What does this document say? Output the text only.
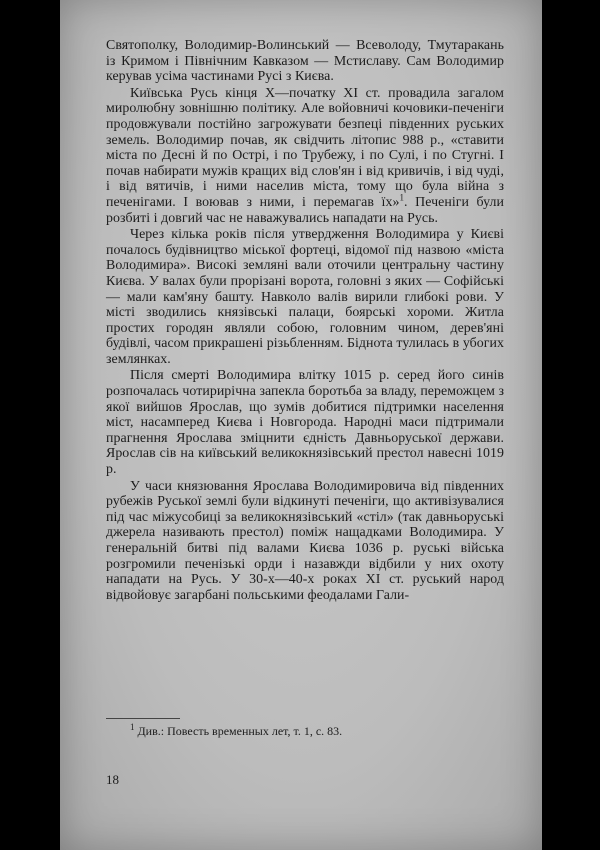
Святополку, Володимир-Волинський — Всеволоду, Тмутаракань із Кримом і Північним Кавказом — Мстиславу. Сам Володимир керував усіма частинами Русі з Києва.

Київська Русь кінця X—початку XI ст. провадила загалом миролюбну зовнішню політику. Але войовничі кочовики-печеніги продовжували постійно загрожувати безпеці південних руських земель. Володимир почав, як свідчить літопис 988 р., «ставити міста по Десні й по Острі, і по Трубежу, і по Сулі, і по Стугні. І почав набирати мужів кращих від слов'ян і від кривичів, і від чуді, і від вятичів, і ними населив міста, тому що була війна з печенігами. І воював з ними, і перемагав їх»$^1$. Печеніги були розбиті і довгий час не наважувались нападати на Русь.

Через кілька років після утвердження Володимира у Києві почалось будівництво міської фортеці, відомої під назвою «міста Володимира». Високі земляні вали оточили центральну частину Києва. У валах були прорізані ворота, головні з яких — Софійські — мали кам'яну башту. Навколо валів вирили глибокі рови. У місті зводились князівські палаци, боярські хороми. Житла простих городян являли собою, головним чином, дерев'яні будівлі, часом прикрашені різьбленням. Біднота тулилась в убогих землянках.

Після смерті Володимира влітку 1015 р. серед його синів розпочалась чотирирічна запекла боротьба за владу, переможцем з якої вийшов Ярослав, що зумів добитися підтримки населення міст, насамперед Києва і Новгорода. Народні маси підтримали прагнення Ярослава зміцнити єдність Давньоруської держави. Ярослав сів на київський великокнязівський престол навесні 1019 р.

У часи князювання Ярослава Володимировича від південних рубежів Руської землі були відкинуті печеніги, що активізувалися під час міжусобиці за великокнязівський «стіл» (так давньоруські джерела називають престол) поміж нащадками Володимира. У генеральній битві під валами Києва 1036 р. руські війська розгромили печенізькі орди і назавжди відбили у них охоту нападати на Русь. У 30-х—40-х роках XI ст. руський народ відвойовує загарбані польськими феодалами Гали-

$^1$ Див.: Повесть временных лет, т. 1, с. 83.
18
